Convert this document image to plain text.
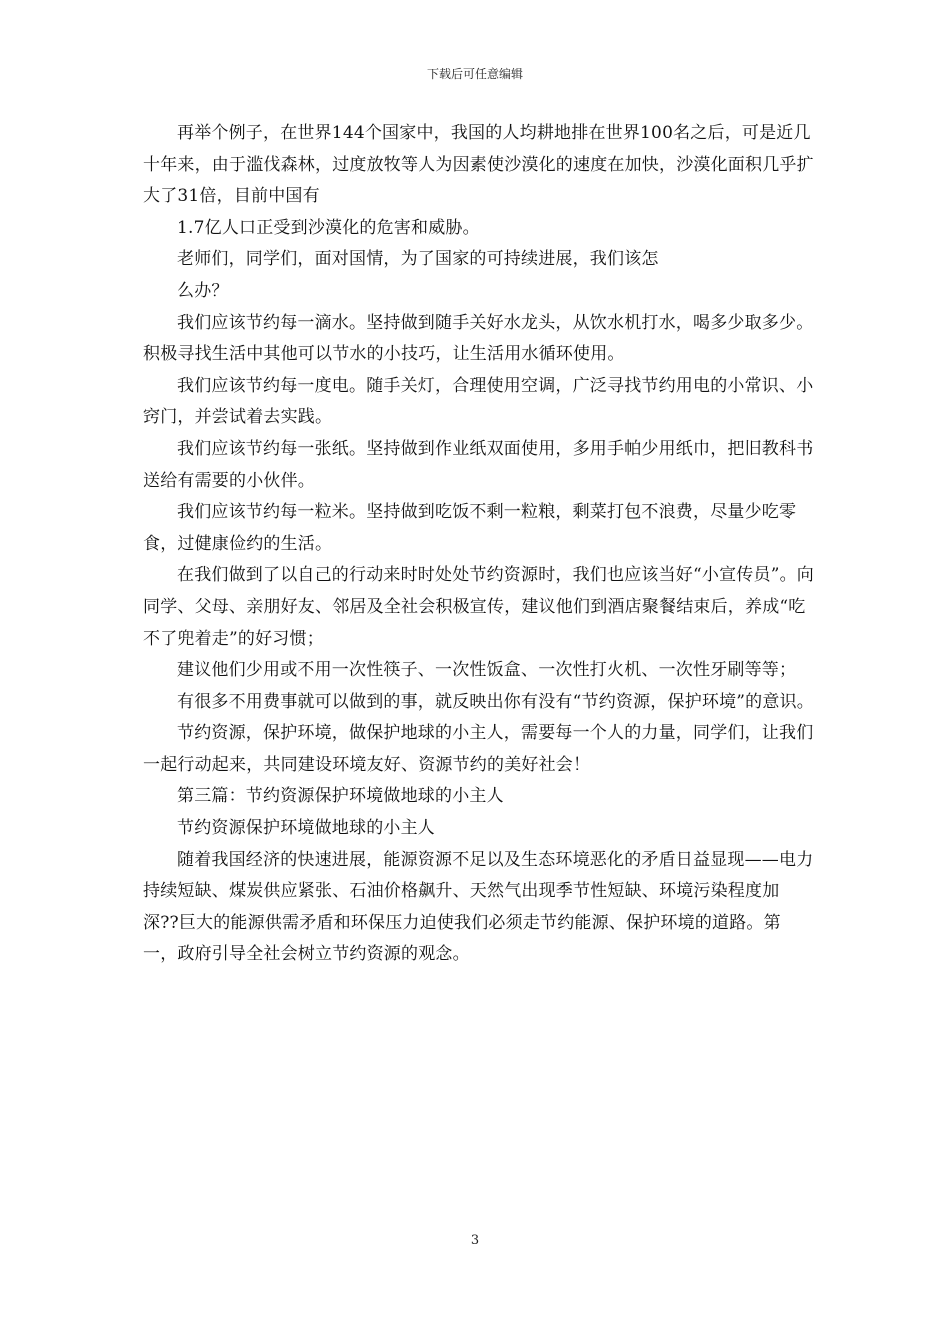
下载后可任意编辑

再举个例子，在世界144个国家中，我国的人均耕地排在世界100名之后，可是近几十年来，由于滥伐森林，过度放牧等人为因素使沙漠化的速度在加快，沙漠化面积几乎扩大了31倍，目前中国有

1.7亿人口正受到沙漠化的危害和威胁。

老师们，同学们，面对国情，为了国家的可持续进展，我们该怎

么办？

我们应该节约每一滴水。坚持做到随手关好水龙头，从饮水机打水，喝多少取多少。积极寻找生活中其他可以节水的小技巧，让生活用水循环使用。

我们应该节约每一度电。随手关灯，合理使用空调，广泛寻找节约用电的小常识、小窍门，并尝试着去实践。

我们应该节约每一张纸。坚持做到作业纸双面使用，多用手帕少用纸巾，把旧教科书送给有需要的小伙伴。

我们应该节约每一粒米。坚持做到吃饭不剩一粒粮，剩菜打包不浪费，尽量少吃零食，过健康俭约的生活。

在我们做到了以自己的行动来时时处处节约资源时，我们也应该当好“小宣传员”。向同学、父母、亲朋好友、邻居及全社会积极宣传，建议他们到酒店聚餐结束后，养成“吃不了兜着走”的好习惯；

建议他们少用或不用一次性筷子、一次性饭盒、一次性打火机、一次性牙刷等等；

有很多不用费事就可以做到的事，就反映出你有没有“节约资源，保护环境”的意识。

节约资源，保护环境，做保护地球的小主人，需要每一个人的力量，同学们，让我们一起行动起来，共同建设环境友好、资源节约的美好社会！

第三篇：节约资源保护环境做地球的小主人

节约资源保护环境做地球的小主人

随着我国经济的快速进展，能源资源不足以及生态环境恶化的矛盾日益显现——电力持续短缺、煤炭供应紧张、石油价格飙升、天然气出现季节性短缺、环境污染程度加深??巨大的能源供需矛盾和环保压力迫使我们必须走节约能源、保护环境的道路。第一，政府引导全社会树立节约资源的观念。

3
